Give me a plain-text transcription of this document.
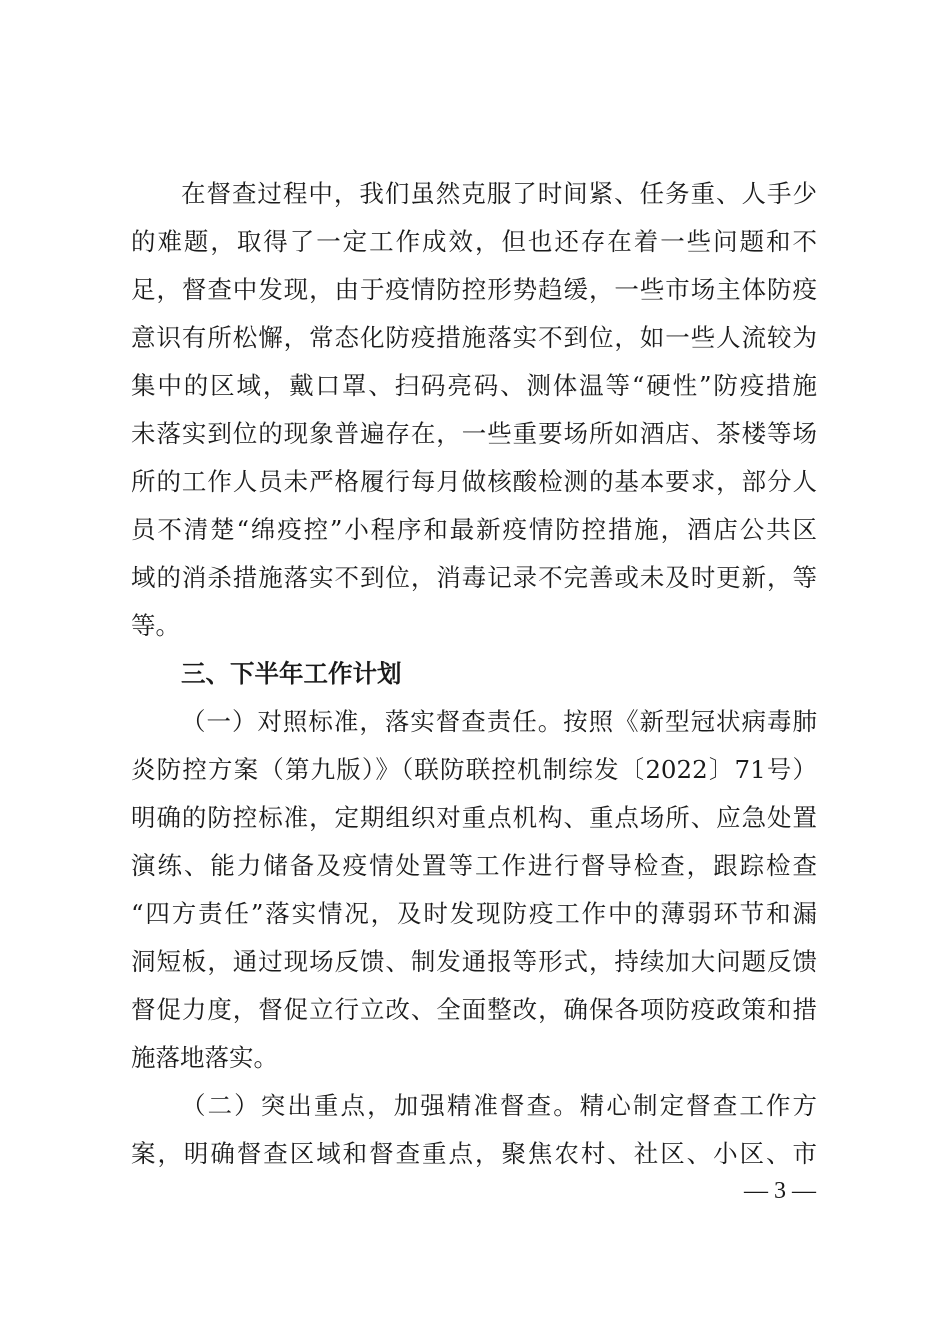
在督查过程中，我们虽然克服了时间紧、任务重、人手少
的难题，取得了一定工作成效，但也还存在着一些问题和不
足，督查中发现，由于疫情防控形势趋缓，一些市场主体防疫
意识有所松懈，常态化防疫措施落实不到位，如一些人流较为
集中的区域，戴口罩、扫码亮码、测体温等“硬性”防疫措施
未落实到位的现象普遍存在，一些重要场所如酒店、茶楼等场
所的工作人员未严格履行每月做核酸检测的基本要求，部分人
员不清楚“绵疫控”小程序和最新疫情防控措施，酒店公共区
域的消杀措施落实不到位，消毒记录不完善或未及时更新，等
等。
三、下半年工作计划
（一）对照标准，落实督查责任。按照《新型冠状病毒肺
炎防控方案（第九版）》（联防联控机制综发〔2022〕71号）
明确的防控标准，定期组织对重点机构、重点场所、应急处置
演练、能力储备及疫情处置等工作进行督导检查，跟踪检查
“四方责任”落实情况，及时发现防疫工作中的薄弱环节和漏
洞短板，通过现场反馈、制发通报等形式，持续加大问题反馈
督促力度，督促立行立改、全面整改，确保各项防疫政策和措
施落地落实。
（二）突出重点，加强精准督查。精心制定督查工作方
案，明确督查区域和督查重点，聚焦农村、社区、小区、市
— 3 —
